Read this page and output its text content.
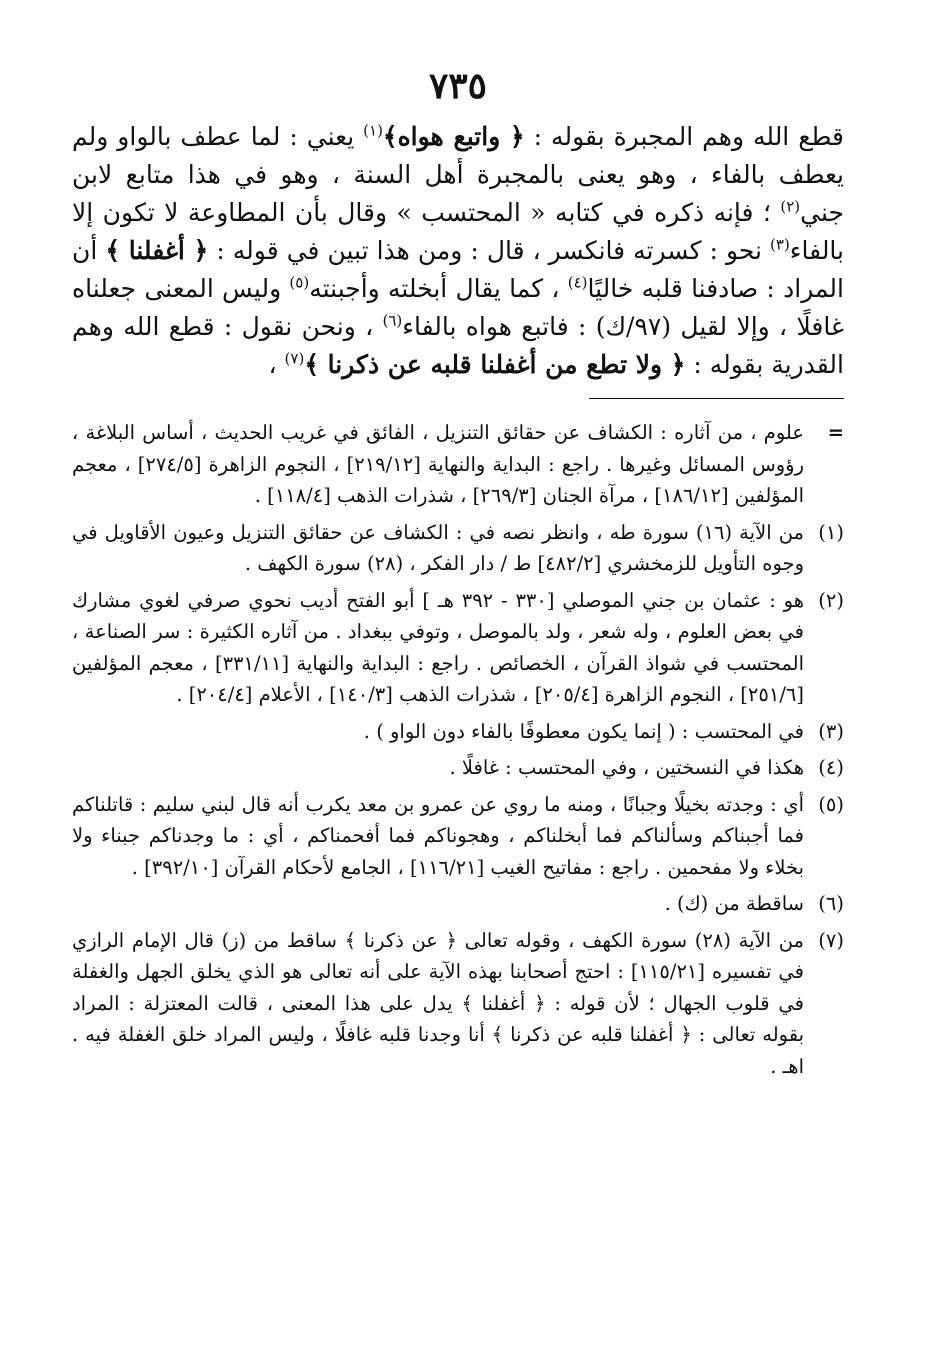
٧٣٥

قطع الله وهم المجبرة بقوله : ﴿ واتبع هواه﴾$^{(١)}$ يعني : لما عطف بالواو ولم يعطف بالفاء ، وهو يعنى بالمجبرة أهل السنة ، وهو في هذا متابع لابن جني$^{(٢)}$ ؛ فإنه ذكره في كتابه « المحتسب » وقال بأن المطاوعة لا تكون إلا بالفاء$^{(٣)}$ نحو : كسرته فانكسر ، قال : ومن هذا تبين في قوله : ﴿ أغفلنا ﴾ أن المراد : صادفنا قلبه خاليًا$^{(٤)}$ ، كما يقال أبخلته وأجبنته$^{(٥)}$ وليس المعنى جعلناه غافلًا ، وإلا لقيل (٩٧/ك) : فاتبع هواه بالفاء$^{(٦)}$ ، ونحن نقول : قطع الله وهم القدرية بقوله : ﴿ ولا تطع من أغفلنا قلبه عن ذكرنا ﴾$^{(٧)}$ ،

=

علوم ، من آثاره : الكشاف عن حقائق التنزيل ، الفائق في غريب الحديث ، أساس البلاغة ، رؤوس المسائل وغيرها . راجع : البداية والنهاية [٢١٩/١٢] ، النجوم الزاهرة [٢٧٤/٥] ، معجم المؤلفين [١٨٦/١٢] ، مرآة الجنان [٢٦٩/٣] ، شذرات الذهب [١١٨/٤] .

(١)

من الآية (١٦) سورة طه ، وانظر نصه في : الكشاف عن حقائق التنزيل وعيون الأقاويل في وجوه التأويل للزمخشري [٤٨٢/٢] ط / دار الفكر ، (٢٨) سورة الكهف .

(٢)

هو : عثمان بن جني الموصلي [٣٣٠ - ٣٩٢ هـ ] أبو الفتح أديب نحوي صرفي لغوي مشارك في بعض العلوم ، وله شعر ، ولد بالموصل ، وتوفي ببغداد . من آثاره الكثيرة : سر الصناعة ، المحتسب في شواذ القرآن ، الخصائص . راجع : البداية والنهاية [٣٣١/١١] ، معجم المؤلفين [٢٥١/٦] ، النجوم الزاهرة [٢٠٥/٤] ، شذرات الذهب [١٤٠/٣] ، الأعلام [٢٠٤/٤] .

(٣)

في المحتسب : ( إنما يكون معطوفًا بالفاء دون الواو ) .

(٤)

هكذا في النسختين ، وفي المحتسب : غافلًا .

(٥)

أي : وجدته بخيلًا وجبانًا ، ومنه ما روي عن عمرو بن معد يكرب أنه قال لبني سليم : قاتلناكم فما أجبناكم وسألناكم فما أبخلناكم ، وهجوناكم فما أفحمناكم ، أي : ما وجدناكم جبناء ولا بخلاء ولا مفحمين . راجع : مفاتيح الغيب [١١٦/٢١] ، الجامع لأحكام القرآن [٣٩٢/١٠] .

(٦)

ساقطة من (ك) .

(٧)

من الآية (٢٨) سورة الكهف ، وقوله تعالى ﴿ عن ذكرنا ﴾ ساقط من (ز) قال الإمام الرازي في تفسيره [١١٥/٢١] : احتج أصحابنا بهذه الآية على أنه تعالى هو الذي يخلق الجهل والغفلة في قلوب الجهال ؛ لأن قوله : ﴿ أغفلنا ﴾ يدل على هذا المعنى ، قالت المعتزلة : المراد بقوله تعالى : ﴿ أغفلنا قلبه عن ذكرنا ﴾ أنا وجدنا قلبه غافلًا ، وليس المراد خلق الغفلة فيه . اهـ .
